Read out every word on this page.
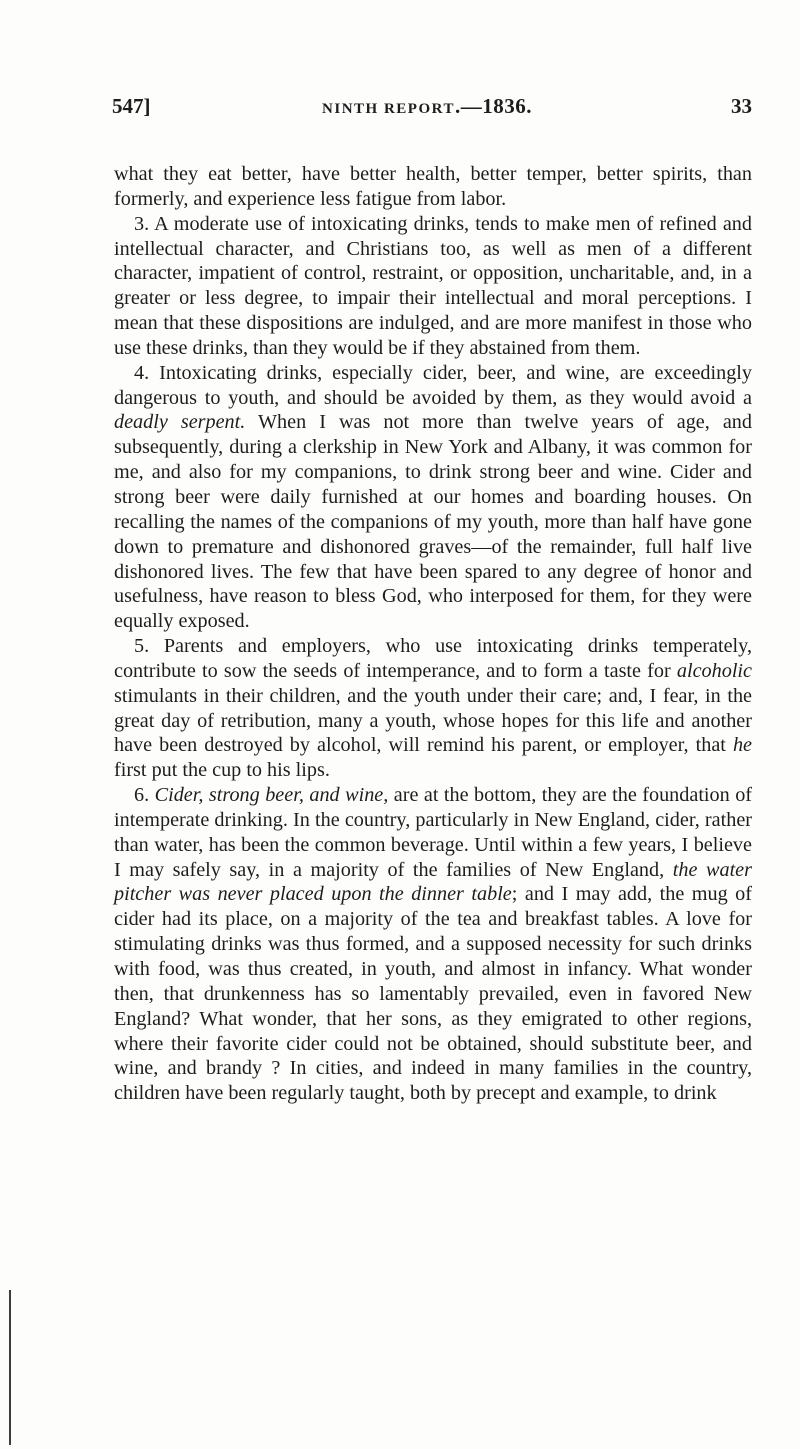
547]	NINTH REPORT.—1836.	33

what they eat better, have better health, better temper, better spirits, than formerly, and experience less fatigue from labor.

3. A moderate use of intoxicating drinks, tends to make men of refined and intellectual character, and Christians too, as well as men of a different character, impatient of control, restraint, or opposition, uncharitable, and, in a greater or less degree, to impair their intellectual and moral perceptions. I mean that these dispositions are indulged, and are more manifest in those who use these drinks, than they would be if they abstained from them.

4. Intoxicating drinks, especially cider, beer, and wine, are exceedingly dangerous to youth, and should be avoided by them, as they would avoid a deadly serpent. When I was not more than twelve years of age, and subsequently, during a clerkship in New York and Albany, it was common for me, and also for my companions, to drink strong beer and wine. Cider and strong beer were daily furnished at our homes and boarding houses. On recalling the names of the companions of my youth, more than half have gone down to premature and dishonored graves—of the remainder, full half live dishonored lives. The few that have been spared to any degree of honor and usefulness, have reason to bless God, who interposed for them, for they were equally exposed.

5. Parents and employers, who use intoxicating drinks temperately, contribute to sow the seeds of intemperance, and to form a taste for alcoholic stimulants in their children, and the youth under their care; and, I fear, in the great day of retribution, many a youth, whose hopes for this life and another have been destroyed by alcohol, will remind his parent, or employer, that he first put the cup to his lips.

6. Cider, strong beer, and wine, are at the bottom, they are the foundation of intemperate drinking. In the country, particularly in New England, cider, rather than water, has been the common beverage. Until within a few years, I believe I may safely say, in a majority of the families of New England, the water pitcher was never placed upon the dinner table; and I may add, the mug of cider had its place, on a majority of the tea and breakfast tables. A love for stimulating drinks was thus formed, and a supposed necessity for such drinks with food, was thus created, in youth, and almost in infancy. What wonder then, that drunkenness has so lamentably prevailed, even in favored New England? What wonder, that her sons, as they emigrated to other regions, where their favorite cider could not be obtained, should substitute beer, and wine, and brandy ? In cities, and indeed in many families in the country, children have been regularly taught, both by precept and example, to drink
